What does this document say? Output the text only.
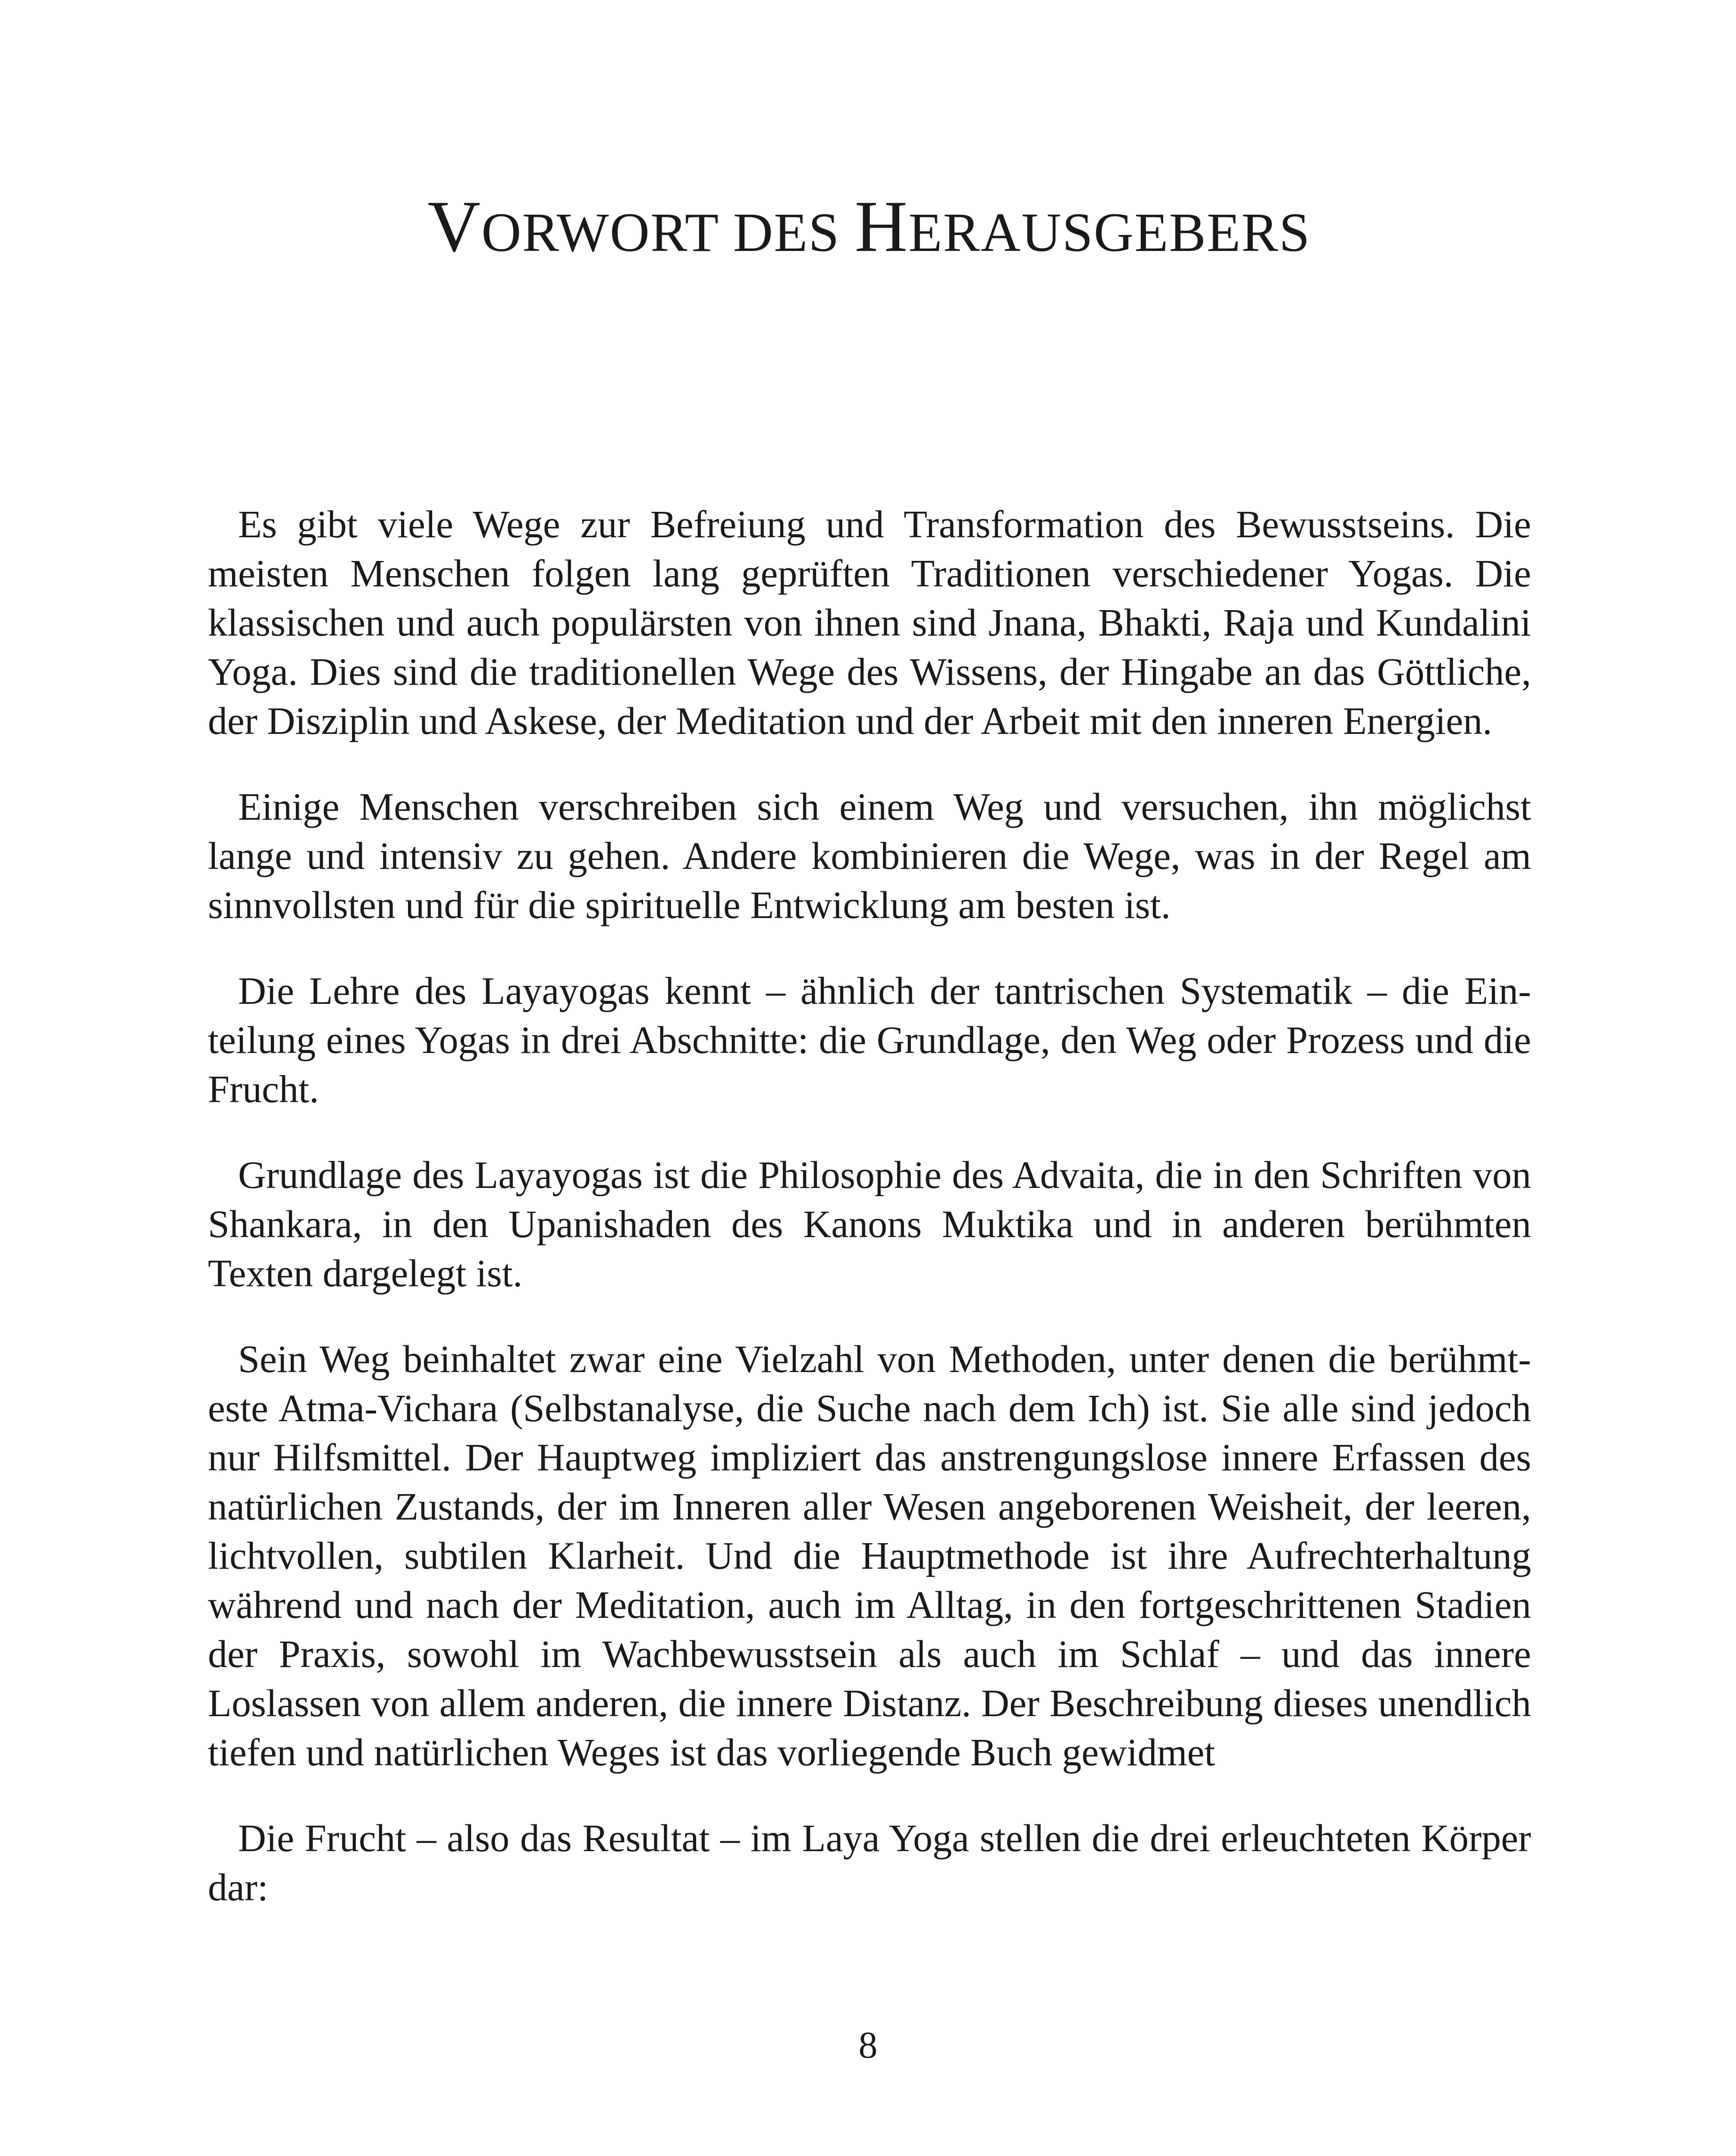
VORWORT DES HERAUSGEBERS

Es gibt viele Wege zur Befreiung und Transformation des Bewusstseins. Die meisten Menschen folgen lang geprüften Traditionen verschiedener Yogas. Die klassischen und auch populärsten von ihnen sind Jnana, Bhakti, Raja und Kundalini Yoga. Dies sind die traditionellen Wege des Wissens, der Hingabe an das Göttliche, der Disziplin und Askese, der Meditation und der Arbeit mit den inneren Energien.

Einige Menschen verschreiben sich einem Weg und versuchen, ihn möglichst lange und intensiv zu gehen. Andere kombinieren die Wege, was in der Regel am sinnvollsten und für die spirituelle Entwicklung am besten ist.

Die Lehre des Layayogas kennt – ähnlich der tantrischen Systematik – die Einteilung eines Yogas in drei Abschnitte: die Grundlage, den Weg oder Prozess und die Frucht.

Grundlage des Layayogas ist die Philosophie des Advaita, die in den Schriften von Shankara, in den Upanishaden des Kanons Muktika und in anderen berühmten Texten dargelegt ist.

Sein Weg beinhaltet zwar eine Vielzahl von Methoden, unter denen die berühmteste Atma-Vichara (Selbstanalyse, die Suche nach dem Ich) ist. Sie alle sind jedoch nur Hilfsmittel. Der Hauptweg impliziert das anstrengungslose innere Erfassen des natürlichen Zustands, der im Inneren aller Wesen angeborenen Weisheit, der leeren, lichtvollen, subtilen Klarheit. Und die Hauptmethode ist ihre Aufrechterhaltung während und nach der Meditation, auch im Alltag, in den fortgeschrittenen Stadien der Praxis, sowohl im Wachbewusstsein als auch im Schlaf – und das innere Loslassen von allem anderen, die innere Distanz. Der Beschreibung dieses unendlich tiefen und natürlichen Weges ist das vorliegende Buch gewidmet

Die Frucht – also das Resultat – im Laya Yoga stellen die drei erleuchteten Körper dar:

8
